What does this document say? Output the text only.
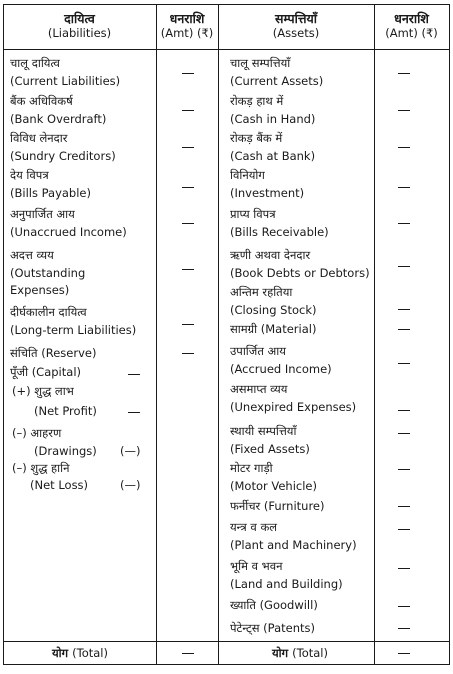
दायित्व
(Liabilities)
धनराशि
(Amt) (₹)
सम्पत्तियाँ
(Assets)
धनराशि
(Amt) (₹)
चालू दायित्व
(Current Liabilities)
बैंक अधिविकर्ष
(Bank Overdraft)
विविध लेनदार
(Sundry Creditors)
देय विपत्र
(Bills Payable)
अनुपार्जित आय
(Unaccrued Income)
अदत्त व्यय
(Outstanding
Expenses)
दीर्घकालीन दायित्व
(Long-term Liabilities)
संचिति (Reserve)
पूँजी (Capital)
(+) शुद्ध लाभ
(Net Profit)
(–) आहरण
(Drawings) (—)
(–) शुद्ध हानि
(Net Loss)	(—)
चालू सम्पत्तियाँ
(Current Assets)
रोकड़ हाथ में
(Cash in Hand)
रोकड़ बैंक में
(Cash at Bank)
विनियोग
(Investment)
प्राप्य विपत्र
(Bills Receivable)
ऋणी अथवा देनदार
(Book Debts or Debtors)
अन्तिम रहतिया
(Closing Stock)
सामग्री (Material)
उपार्जित आय
(Accrued Income)
असमाप्त व्यय
(Unexpired Expenses)
स्थायी सम्पत्तियाँ
(Fixed Assets)
मोटर गाड़ी
(Motor Vehicle)
फर्नीचर (Furniture)
यन्त्र व कल
(Plant and Machinery)
भूमि व भवन
(Land and Building)
ख्याति (Goodwill)
पेटेन्ट्स (Patents)
योग (Total)	योग (Total)
